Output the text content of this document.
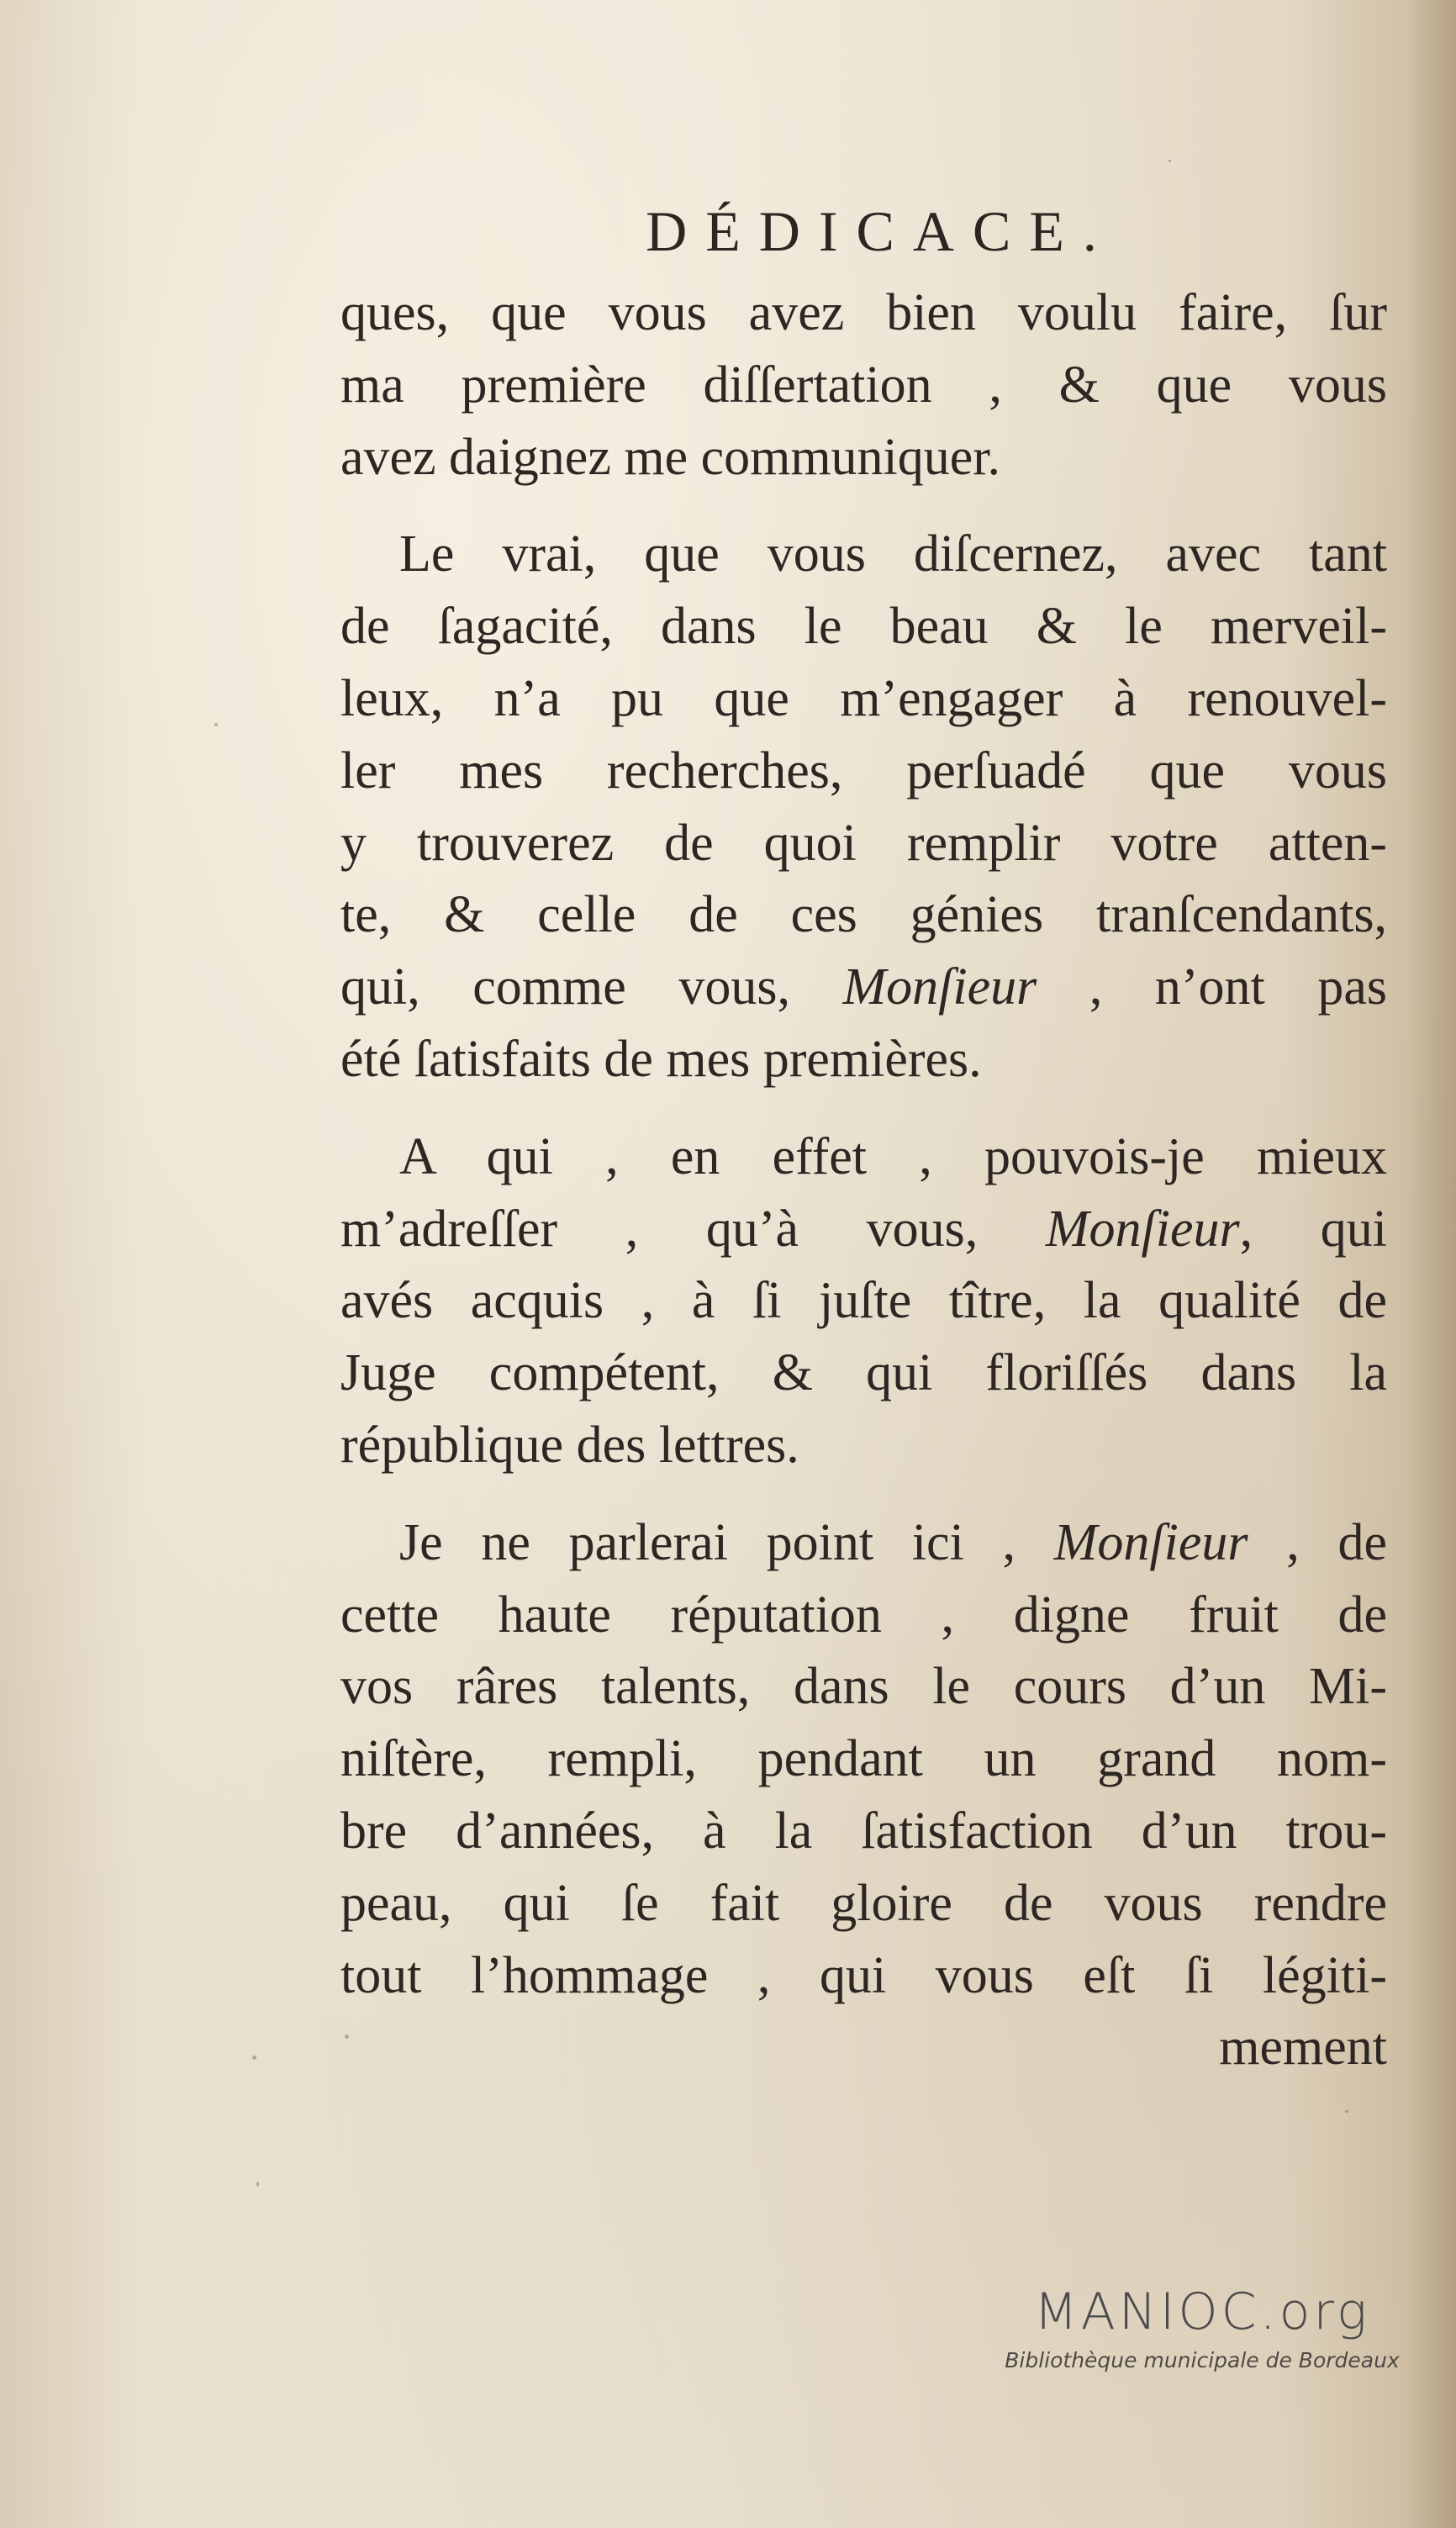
DÉDICACE.
ques, que vous avez bien voulu faire, ſur
ma première diſſertation , & que vous
avez daignez me communiquer.
Le vrai, que vous diſcernez, avec tant
de ſagacité, dans le beau & le merveil-
leux, n’a pu que m’engager à renouvel-
ler mes recherches, perſuadé que vous
y trouverez de quoi remplir votre atten-
te, & celle de ces génies tranſcendants,
qui, comme vous, Monſieur , n’ont pas
été ſatisfaits de mes premières.
A qui , en effet , pouvois-je mieux
m’adreſſer , qu’à vous, Monſieur, qui
avés acquis , à ſi juſte tître, la qualité de
Juge compétent, & qui floriſſés dans la
république des lettres.
Je ne parlerai point ici , Monſieur , de
cette haute réputation , digne fruit de
vos râres talents, dans le cours d’un Mi-
niſtère, rempli, pendant un grand nom-
bre d’années, à la ſatisfaction d’un trou-
peau, qui ſe fait gloire de vous rendre
tout l’hommage , qui vous eſt ſi légiti-
mement
MANIOC.org
Bibliothèque municipale de Bordeaux
